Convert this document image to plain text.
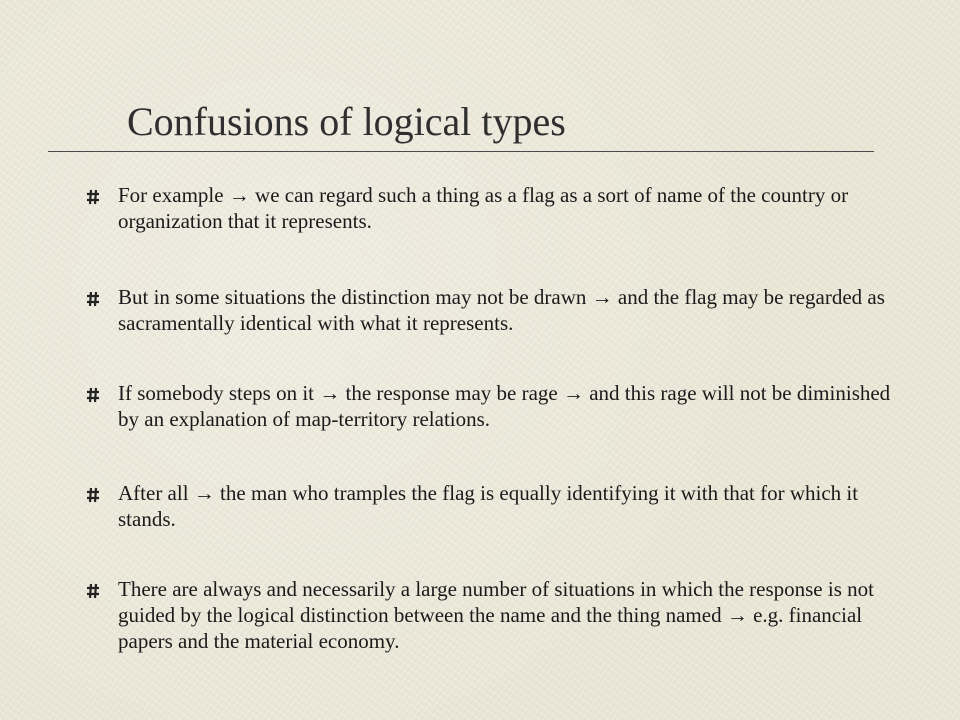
Confusions of logical types

For example → we can regard such a thing as a flag as a sort of name of the country or organization that it represents.

But in some situations the distinction may not be drawn → and the flag may be regarded as sacramentally identical with what it represents.

If somebody steps on it → the response may be rage → and this rage will not be diminished by an explanation of map-territory relations.

After all → the man who tramples the flag is equally identifying it with that for which it stands.

There are always and necessarily a large number of situations in which the response is not guided by the logical distinction between the name and the thing named → e.g. financial papers and the material economy.
